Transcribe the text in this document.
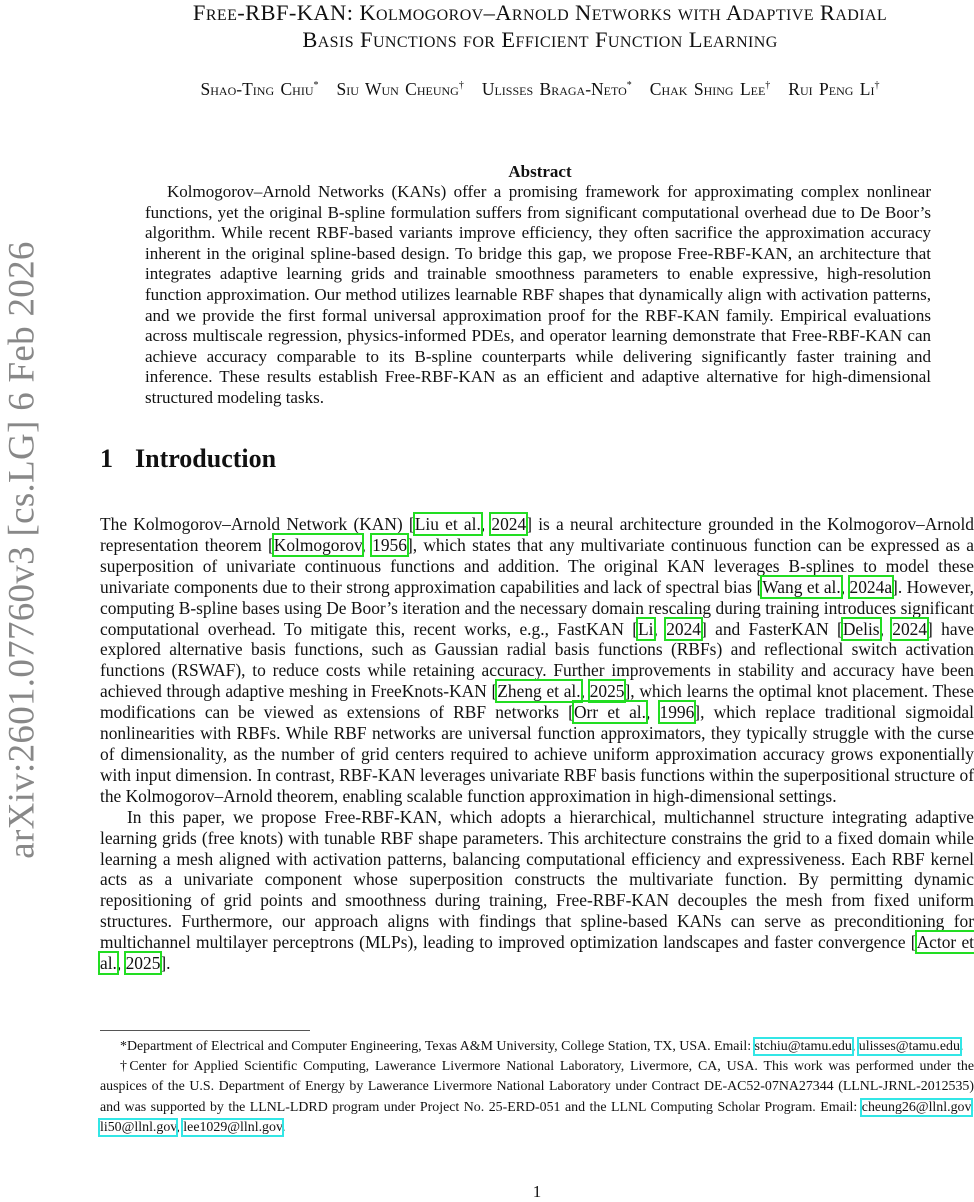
arXiv:2601.07760v3 [cs.LG] 6 Feb 2026
Free-RBF-KAN: Kolmogorov–Arnold Networks with Adaptive Radial
Basis Functions for Efficient Function Learning
Shao-Ting Chiu* Siu Wun Cheung† Ulisses Braga-Neto* Chak Shing Lee† Rui Peng Li†
Abstract

Kolmogorov–Arnold Networks (KANs) offer a promising framework for approximating complex nonlinear functions, yet the original B-spline formulation suffers from significant computational overhead due to De Boor’s algorithm. While recent RBF-based variants improve efficiency, they often sacrifice the approximation accuracy inherent in the original spline-based design. To bridge this gap, we propose Free-RBF-KAN, an architecture that integrates adaptive learning grids and trainable smoothness parameters to enable expressive, high-resolution function approximation. Our method utilizes learnable RBF shapes that dynamically align with activation patterns, and we provide the first formal universal approximation proof for the RBF-KAN family. Empirical evaluations across multiscale regression, physics-informed PDEs, and operator learning demonstrate that Free-RBF-KAN can achieve accuracy comparable to its B-spline counterparts while delivering significantly faster training and inference. These results establish Free-RBF-KAN as an efficient and adaptive alternative for high-dimensional structured modeling tasks.

1 Introduction

The Kolmogorov–Arnold Network (KAN) [Liu et al., 2024] is a neural architecture grounded in the Kolmogorov–Arnold representation theorem [Kolmogorov, 1956], which states that any multivariate continuous function can be expressed as a superposition of univariate continuous functions and addition. The original KAN leverages B-splines to model these univariate components due to their strong approximation capabilities and lack of spectral bias [Wang et al., 2024a]. However, computing B-spline bases using De Boor’s iteration and the necessary domain rescaling during training introduces significant computational overhead. To mitigate this, recent works, e.g., FastKAN [Li, 2024] and FasterKAN [Delis, 2024] have explored alternative basis functions, such as Gaussian radial basis functions (RBFs) and reflectional switch activation functions (RSWAF), to reduce costs while retaining accuracy. Further improvements in stability and accuracy have been achieved through adaptive meshing in FreeKnots-KAN [Zheng et al., 2025], which learns the optimal knot placement. These modifications can be viewed as extensions of RBF networks [Orr et al., 1996], which replace traditional sigmoidal nonlinearities with RBFs. While RBF networks are universal function approximators, they typically struggle with the curse of dimensionality, as the number of grid centers required to achieve uniform approximation accuracy grows exponentially with input dimension. In contrast, RBF-KAN leverages univariate RBF basis functions within the superpositional structure of the Kolmogorov–Arnold theorem, enabling scalable function approximation in high-dimensional settings.

In this paper, we propose Free-RBF-KAN, which adopts a hierarchical, multichannel structure integrating adaptive learning grids (free knots) with tunable RBF shape parameters. This architecture constrains the grid to a fixed domain while learning a mesh aligned with activation patterns, balancing computational efficiency and expressiveness. Each RBF kernel acts as a univariate component whose superposition constructs the multivariate function. By permitting dynamic repositioning of grid points and smoothness during training, Free-RBF-KAN decouples the mesh from fixed uniform structures. Furthermore, our approach aligns with findings that spline-based KANs can serve as preconditioning for multichannel multilayer perceptrons (MLPs), leading to improved optimization landscapes and faster convergence [Actor et al., 2025].

*Department of Electrical and Computer Engineering, Texas A&M University, College Station, TX, USA. Email: stchiu@tamu.edu, ulisses@tamu.edu.

†Center for Applied Scientific Computing, Lawerance Livermore National Laboratory, Livermore, CA, USA. This work was performed under the auspices of the U.S. Department of Energy by Lawerance Livermore National Laboratory under Contract DE-AC52-07NA27344 (LLNL-JRNL-2012535) and was supported by the LLNL-LDRD program under Project No. 25-ERD-051 and the LLNL Computing Scholar Program. Email: cheung26@llnl.gov, li50@llnl.gov, lee1029@llnl.gov.

1
